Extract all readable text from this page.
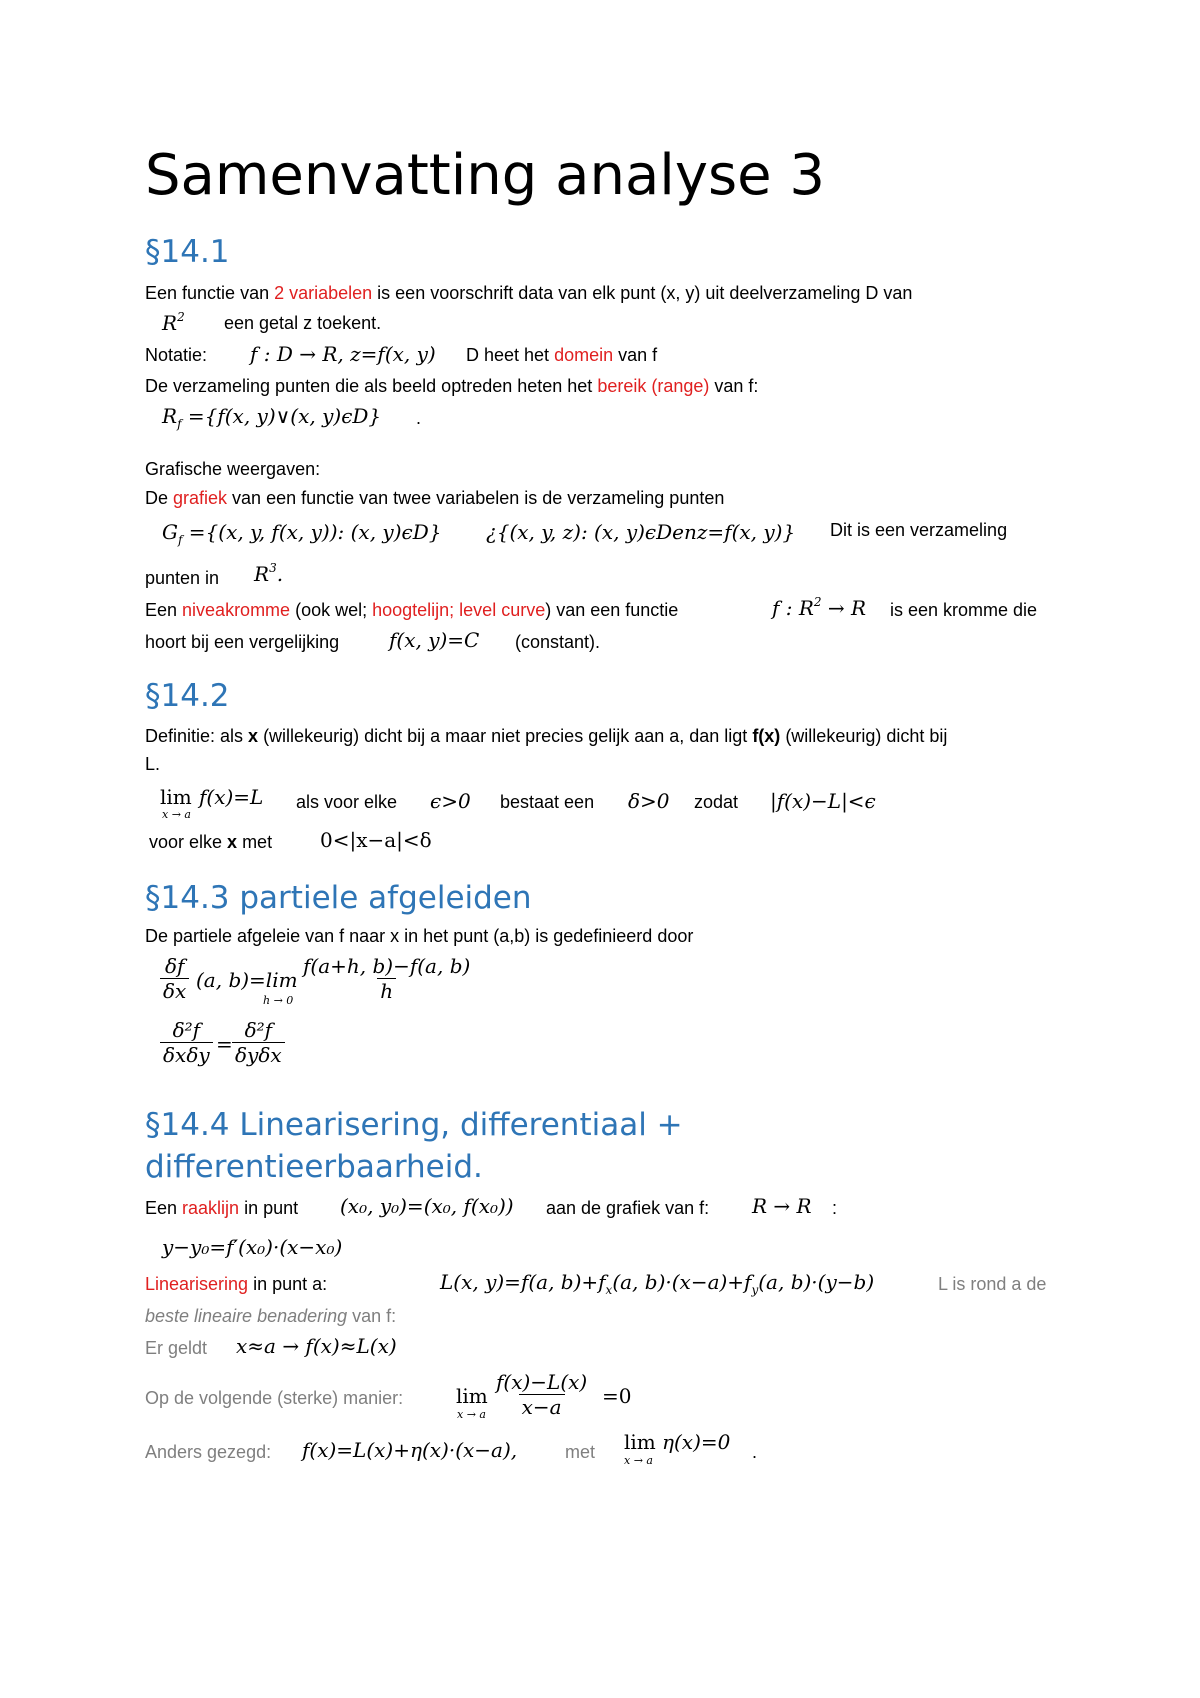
Samenvatting analyse 3
§14.1
Een functie van 2 variabelen is een voorschrift data van elk punt (x, y) uit deelverzameling D van
$R^2$ een getal z toekent.
Notatie: f : D → R, z=f(x, y) D heet het domein van f
De verzameling punten die als beeld optreden heten het bereik (range) van f:
$R_f =\{f(x$, y)∨(x, y)ϵD} .
Grafische weergaven:
De grafiek van een functie van twee variabelen is de verzameling punten
$G_f =\{(x$, y, f(x, y)): (x, y)ϵD} ¿{(x, y, z): (x, y)ϵDenz=f(x, y)} Dit is een verzameling
punten in $R^3$.
Een niveakromme (ook wel; hoogtelijn; level curve) van een functie	f : $R^2 \to R$ is een kromme die
hoort bij een vergelijking f(x, y)=C (constant).
§14.2
Definitie: als x (willekeurig) dicht bij a maar niet precies gelijk aan a, dan ligt f(x) (willekeurig) dicht bij
L.
lim
x → a
f(x)=L als voor elke ϵ>0 bestaat een δ>0 zodat |f(x)−L|<ϵ
voor elke x met 0<|x−a|<δ
§14.3 partiele afgeleiden
De partiele afgeleie van f naar x in het punt (a,b) is gedefinieerd door
$\frac{\delta f}{\delta x} (a$, b)=lim
$h \to 0 \frac{f(a+h, b)-f(a, b)}{h}$
δ²f
δxδy =
δ²f
δyδx
§14.4 Linearisering, differentiaal +
differentieerbaarheid.
Een raaklijn in punt (x₀, y₀)=(x₀, f(x₀)) aan de grafiek van f: R → R :
y−y₀=f′(x₀)·(x−x₀)
Linearisering in punt a:	L(x, y)=f(a, $b)+f_x(a$, $b)\cdot(x-a)+f_y(a$, b)·(y−b)	L is rond a de
beste lineaire benadering van f:
Er geldt x≈a → f(x)≈L(x)
Op de volgende (sterke) manier:	lim
x → a $\frac{f(x)-L(x)}{x-a} =0$
Anders gezegd: f(x)=L(x)+η(x)·(x−a),	met lim
x → a
η(x)=0 .
